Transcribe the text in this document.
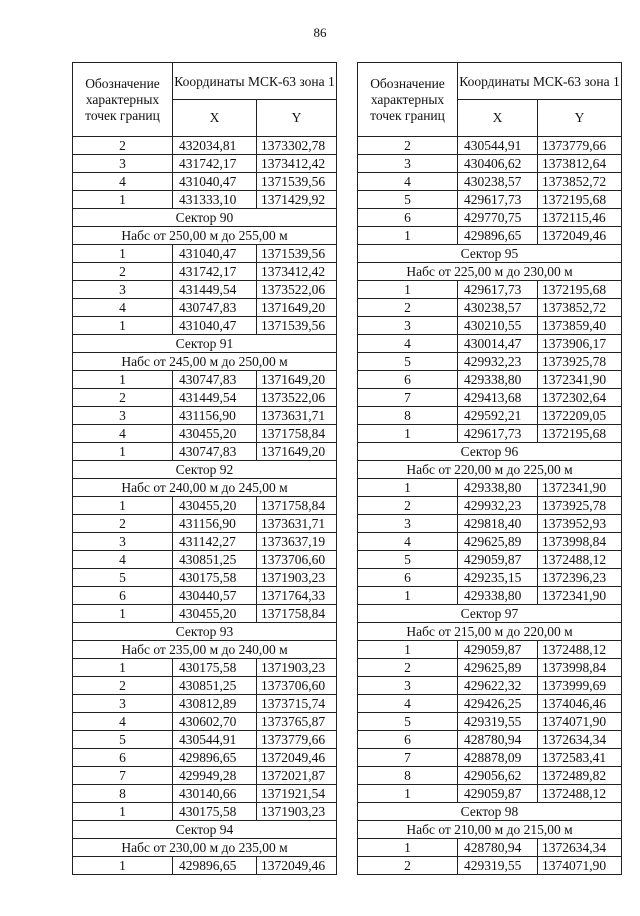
86
Обозначение характерных точек границ	Координаты МСК-63 зона 1	
	X	Y
2	432034,81	1373302,78
3	431742,17	1373412,42
4	431040,47	1371539,56
1	431333,10	1371429,92
Сектор 90		
Набс от 250,00 м до 255,00 м		
1	431040,47	1371539,56
2	431742,17	1373412,42
3	431449,54	1373522,06
4	430747,83	1371649,20
1	431040,47	1371539,56
Сектор 91		
Набс от 245,00 м до 250,00 м		
1	430747,83	1371649,20
2	431449,54	1373522,06
3	431156,90	1373631,71
4	430455,20	1371758,84
1	430747,83	1371649,20
Сектор 92		
Набс от 240,00 м до 245,00 м		
1	430455,20	1371758,84
2	431156,90	1373631,71
3	431142,27	1373637,19
4	430851,25	1373706,60
5	430175,58	1371903,23
6	430440,57	1371764,33
1	430455,20	1371758,84
Сектор 93		
Набс от 235,00 м до 240,00 м		
1	430175,58	1371903,23
2	430851,25	1373706,60
3	430812,89	1373715,74
4	430602,70	1373765,87
5	430544,91	1373779,66
6	429896,65	1372049,46
7	429949,28	1372021,87
8	430140,66	1371921,54
1	430175,58	1371903,23
Сектор 94		
Набс от 230,00 м до 235,00 м		
1	429896,65	1372049,46
Обозначение характерных точек границ	Координаты МСК-63 зона 1	
	X	Y
2	430544,91	1373779,66
3	430406,62	1373812,64
4	430238,57	1373852,72
5	429617,73	1372195,68
6	429770,75	1372115,46
1	429896,65	1372049,46
Сектор 95		
Набс от 225,00 м до 230,00 м		
1	429617,73	1372195,68
2	430238,57	1373852,72
3	430210,55	1373859,40
4	430014,47	1373906,17
5	429932,23	1373925,78
6	429338,80	1372341,90
7	429413,68	1372302,64
8	429592,21	1372209,05
1	429617,73	1372195,68
Сектор 96		
Набс от 220,00 м до 225,00 м		
1	429338,80	1372341,90
2	429932,23	1373925,78
3	429818,40	1373952,93
4	429625,89	1373998,84
5	429059,87	1372488,12
6	429235,15	1372396,23
1	429338,80	1372341,90
Сектор 97		
Набс от 215,00 м до 220,00 м		
1	429059,87	1372488,12
2	429625,89	1373998,84
3	429622,32	1373999,69
4	429426,25	1374046,46
5	429319,55	1374071,90
6	428780,94	1372634,34
7	428878,09	1372583,41
8	429056,62	1372489,82
1	429059,87	1372488,12
Сектор 98		
Набс от 210,00 м до 215,00 м		
1	428780,94	1372634,34
2	429319,55	1374071,90
